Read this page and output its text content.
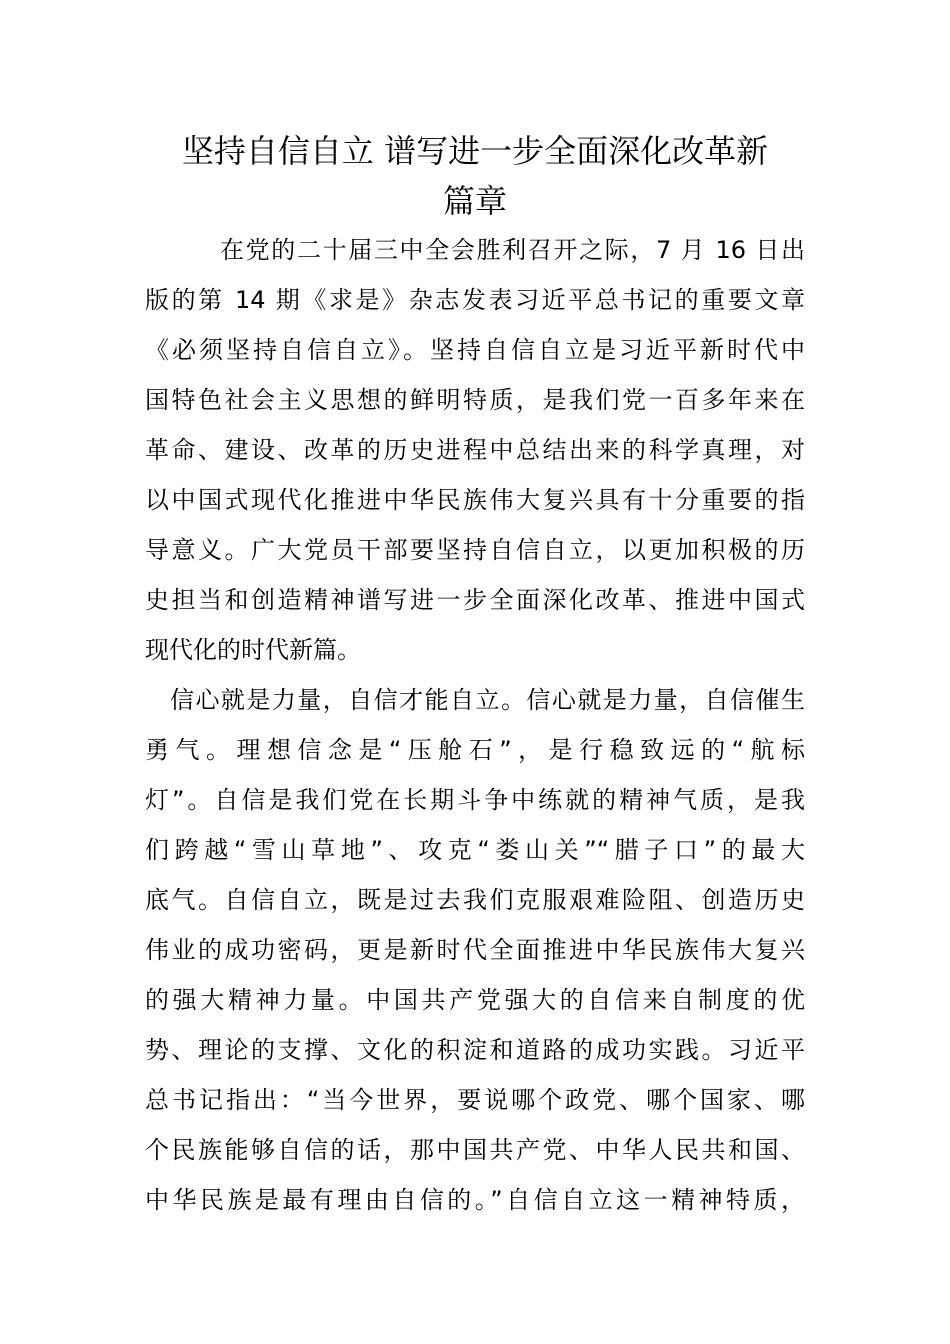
坚持自信自立 谱写进一步全面深化改革新
篇章

在党的二十届三中全会胜利召开之际，7 月 16 日出

版的第 14 期《求是》杂志发表习近平总书记的重要文章

《必须坚持自信自立》。坚持自信自立是习近平新时代中

国特色社会主义思想的鲜明特质，是我们党一百多年来在

革命、建设、改革的历史进程中总结出来的科学真理，对

以中国式现代化推进中华民族伟大复兴具有十分重要的指

导意义。广大党员干部要坚持自信自立，以更加积极的历

史担当和创造精神谱写进一步全面深化改革、推进中国式

现代化的时代新篇。

信心就是力量，自信才能自立。信心就是力量，自信催生

勇气。理想信念是“压舱石”，是行稳致远的“航标

灯”。自信是我们党在长期斗争中练就的精神气质，是我

们跨越“雪山草地”、攻克“娄山关”“腊子口”的最大

底气。自信自立，既是过去我们克服艰难险阻、创造历史

伟业的成功密码，更是新时代全面推进中华民族伟大复兴

的强大精神力量。中国共产党强大的自信来自制度的优

势、理论的支撑、文化的积淀和道路的成功实践。习近平

总书记指出：“当今世界，要说哪个政党、哪个国家、哪

个民族能够自信的话，那中国共产党、中华人民共和国、

中华民族是最有理由自信的。”自信自立这一精神特质，
